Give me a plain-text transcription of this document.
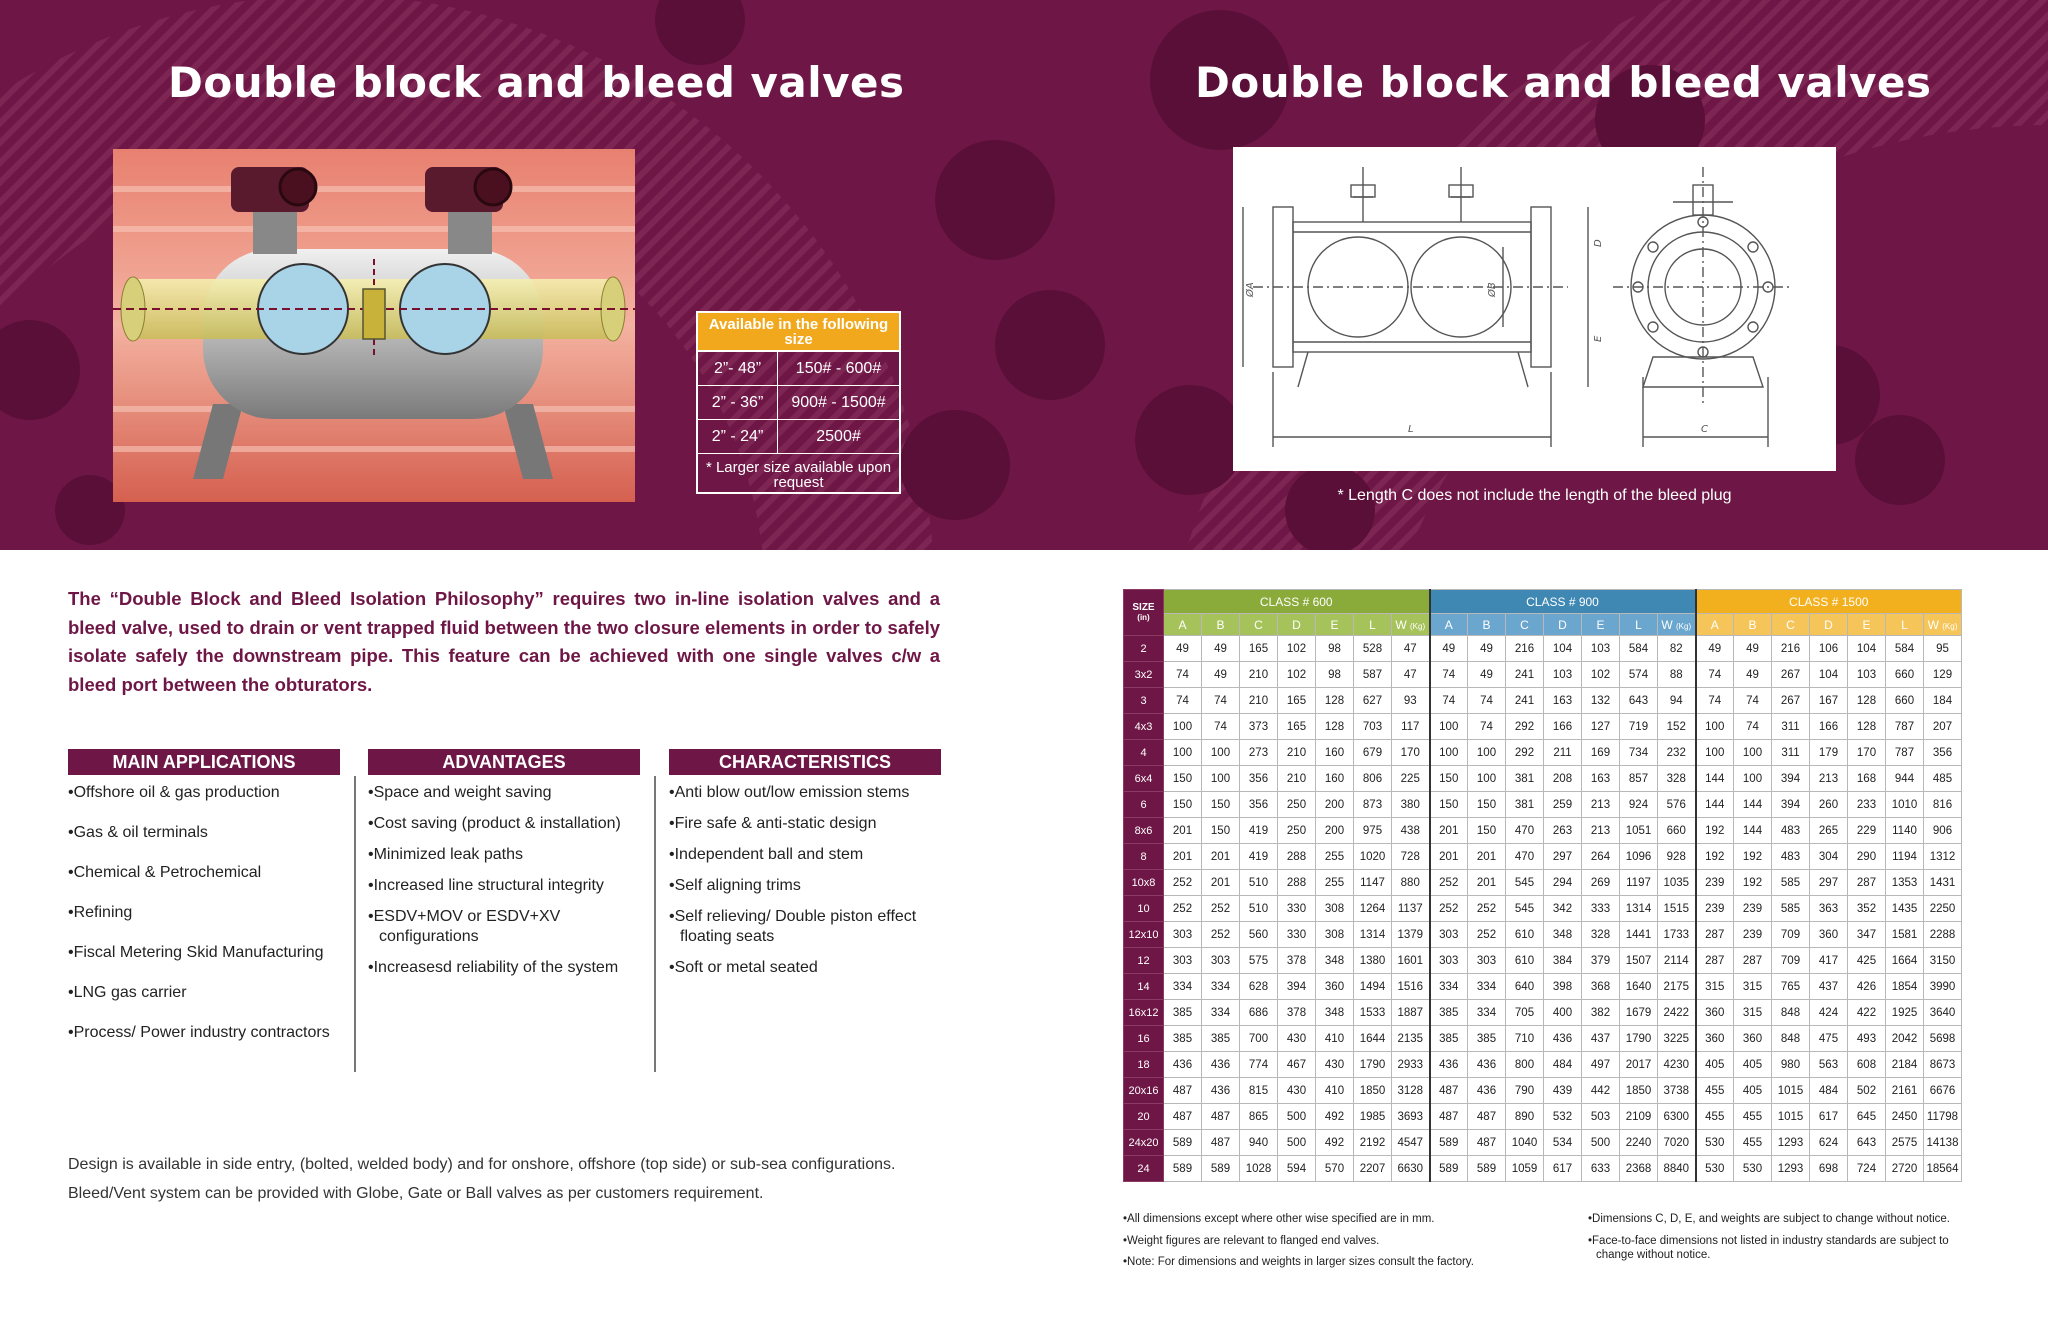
Double block and bleed valves	Double block and bleed valves
Available in the following size
2”- 48”	150# - 600#
2” - 36”	900# - 1500#
2” - 24”	2500#
* Larger size available upon request
ØA	ØB
D
E
L	C
* Length C does not include the length of the bleed plug
The “Double Block and Bleed Isolation Philosophy” requires two in-line isolation valves and a bleed valve, used to drain or vent trapped fluid between the two closure elements in order to safely isolate safely the downstream pipe. This feature can be achieved with one single valves c/w a bleed port between the obturators.
MAIN APPLICATIONS
•Offshore oil & gas production
•Gas & oil terminals
•Chemical & Petrochemical
•Refining
•Fiscal Metering Skid Manufacturing
•LNG gas carrier
•Process/ Power industry contractors
ADVANTAGES
•Space and weight saving
•Cost saving (product & installation)
•Minimized leak paths
•Increased line structural integrity
•ESDV+MOV or ESDV+XV configurations
•Increasesd reliability of the system
CHARACTERISTICS
•Anti blow out/low emission stems
•Fire safe & anti-static design
•Independent ball and stem
•Self aligning trims
•Self relieving/ Double piston effect floating seats
•Soft or metal seated
Design is available in side entry, (bolted, welded body) and for onshore, offshore (top side) or sub-sea configurations.
Bleed/Vent system can be provided with Globe, Gate or Ball valves as per customers requirement.
SIZE
(in)	CLASS # 600							CLASS # 900							CLASS # 1500						
	A	B	C	D	E	L	W (Kg)	A	B	C	D	E	L	W (Kg)	A	B	C	D	E	L	W (Kg)
2	49	49	165	102	98	528	47	49	49	216	104	103	584	82	49	49	216	106	104	584	95
3x2	74	49	210	102	98	587	47	74	49	241	103	102	574	88	74	49	267	104	103	660	129
3	74	74	210	165	128	627	93	74	74	241	163	132	643	94	74	74	267	167	128	660	184
4x3	100	74	373	165	128	703	117	100	74	292	166	127	719	152	100	74	311	166	128	787	207
4	100	100	273	210	160	679	170	100	100	292	211	169	734	232	100	100	311	179	170	787	356
6x4	150	100	356	210	160	806	225	150	100	381	208	163	857	328	144	100	394	213	168	944	485
6	150	150	356	250	200	873	380	150	150	381	259	213	924	576	144	144	394	260	233	1010	816
8x6	201	150	419	250	200	975	438	201	150	470	263	213	1051	660	192	144	483	265	229	1140	906
8	201	201	419	288	255	1020	728	201	201	470	297	264	1096	928	192	192	483	304	290	1194	1312
10x8	252	201	510	288	255	1147	880	252	201	545	294	269	1197	1035	239	192	585	297	287	1353	1431
10	252	252	510	330	308	1264	1137	252	252	545	342	333	1314	1515	239	239	585	363	352	1435	2250
12x10	303	252	560	330	308	1314	1379	303	252	610	348	328	1441	1733	287	239	709	360	347	1581	2288
12	303	303	575	378	348	1380	1601	303	303	610	384	379	1507	2114	287	287	709	417	425	1664	3150
14	334	334	628	394	360	1494	1516	334	334	640	398	368	1640	2175	315	315	765	437	426	1854	3990
16x12	385	334	686	378	348	1533	1887	385	334	705	400	382	1679	2422	360	315	848	424	422	1925	3640
16	385	385	700	430	410	1644	2135	385	385	710	436	437	1790	3225	360	360	848	475	493	2042	5698
18	436	436	774	467	430	1790	2933	436	436	800	484	497	2017	4230	405	405	980	563	608	2184	8673
20x16	487	436	815	430	410	1850	3128	487	436	790	439	442	1850	3738	455	405	1015	484	502	2161	6676
20	487	487	865	500	492	1985	3693	487	487	890	532	503	2109	6300	455	455	1015	617	645	2450	11798
24x20	589	487	940	500	492	2192	4547	589	487	1040	534	500	2240	7020	530	455	1293	624	643	2575	14138
24	589	589	1028	594	570	2207	6630	589	589	1059	617	633	2368	8840	530	530	1293	698	724	2720	18564

•All dimensions except where other wise specified are in mm.

•Weight figures are relevant to flanged end valves.

•Note: For dimensions and weights in larger sizes consult the factory.

•Dimensions C, D, E, and weights are subject to change without notice.

•Face-to-face dimensions not listed in industry standards are subject to change without notice.
